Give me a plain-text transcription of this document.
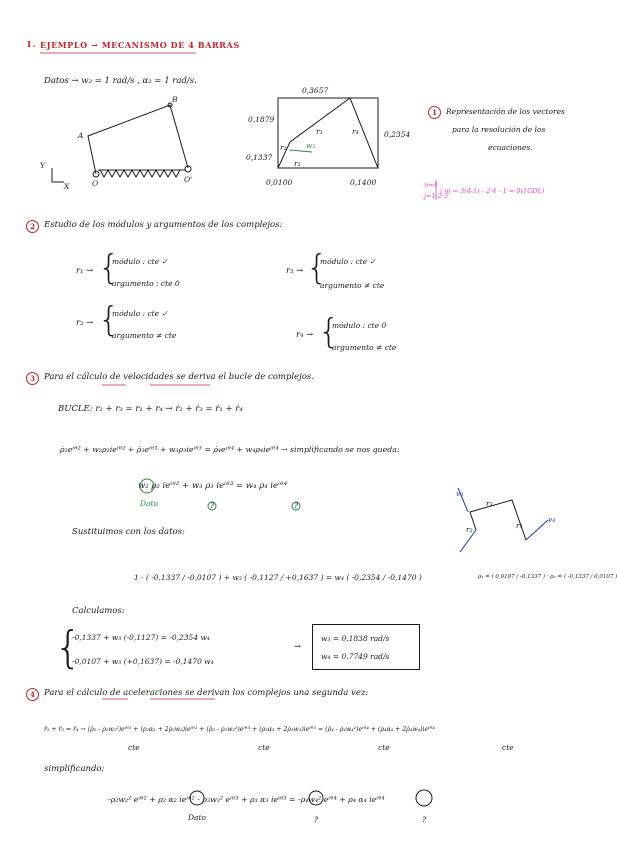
1. EJEMPLO → MECANISMO DE 4 BARRAS
Datos → w₂ = 1 rad/s , α₂ = 1 rad/s.
A
B
O	O'
Y
X
0,3657
0,1879
0,1337
0,0100	0,1400
0,2354
r₃	r₄
r₂
r₁
w₂
1	Representación de los vectores
para la resolución de los
ecuaciones.
n=4
j=1·2·3
| m = 3(4-1) - 2·4 - 1 = 0(1GDL)
2	Estudio de los módulos y argumentos de los complejos:
r₁ → {
módulo : cte ✓
argumento : cte 0
r₃ → {
módulo : cte ✓
argumento ≠ cte
r₂ → {
módulo : cte ✓
argumento ≠ cte	r₄ → {
módulo : cte 0
argumento ≠ cte
3	Para el cálculo de velocidades se deriva el bucle de complejos.
BUCLE: r₂ + r₃ = r₁ + r₄ → ṙ₂ + ṙ₃ = ṙ₁ + ṙ₄
ρ̇₂eⁱᶿ² + w₂ρ₂ieⁱᶿ² + ρ̇₃eⁱᶿ³ + w₃ρ₃ieⁱᶿ³ = ρ̇₄eⁱᶿ⁴ + w₄ρ₄ieⁱᶿ⁴ → simplificando se nos queda:
w₂ ρ₂ ieⁱᶿ² + w₃ ρ₃ ieⁱᶿ³ = w₄ ρ₄ ieⁱᶿ⁴
Dato	?	?
Sustituimos con los datos:
1 · ( -0,1337 / -0,0107 ) + w₃ ( -0,1127 / +0,1637 ) = w₄ ( -0,2354 / -0,1470 )
v₃
v₄
r₃
r₄
r₂
ρ₂ = ( 0,0107 / -0,1337 ) · ρ₂ = ( -0,1337 / 0,0107 )
Calculamos:
{
-0,1337 + w₃ (-0,1127) = -0,2354 w₄
-0,0107 + w₃ (+0,1637) = -0,1470 w₄
→
w₃ = 0,1838 rad/s
w₄ = 0,7749 rad/s
4	Para el cálculo de aceleraciones se derivan los complejos una segunda vez:
r̈₂ + r̈₃ = r̈₄ → (ρ̈₂ - ρ₂w₂²)eⁱᶿ² + (ρ₂α₂ + 2ρ̇₂w₂)ieⁱᶿ² + (ρ̈₃ - ρ₃w₃²)eⁱᶿ³ + (ρ₃α₃ + 2ρ̇₃w₃)ieⁱᶿ³ = (ρ̈₄ - ρ₄w₄²)eⁱᶿ⁴ + (ρ₄α₄ + 2ρ̇₄w₄)ieⁱᶿ⁴
cte	cte	cte	cte
simplificando:
-ρ₂w₂² eⁱᶿ² + ρ₂ α₂ ieⁱᶿ² - ρ₃w₃² eⁱᶿ³ + ρ₃ α₃ ieⁱᶿ³ = -ρ₄w₄² eⁱᶿ⁴ + ρ₄ α₄ ieⁱᶿ⁴
Dato	?	?
